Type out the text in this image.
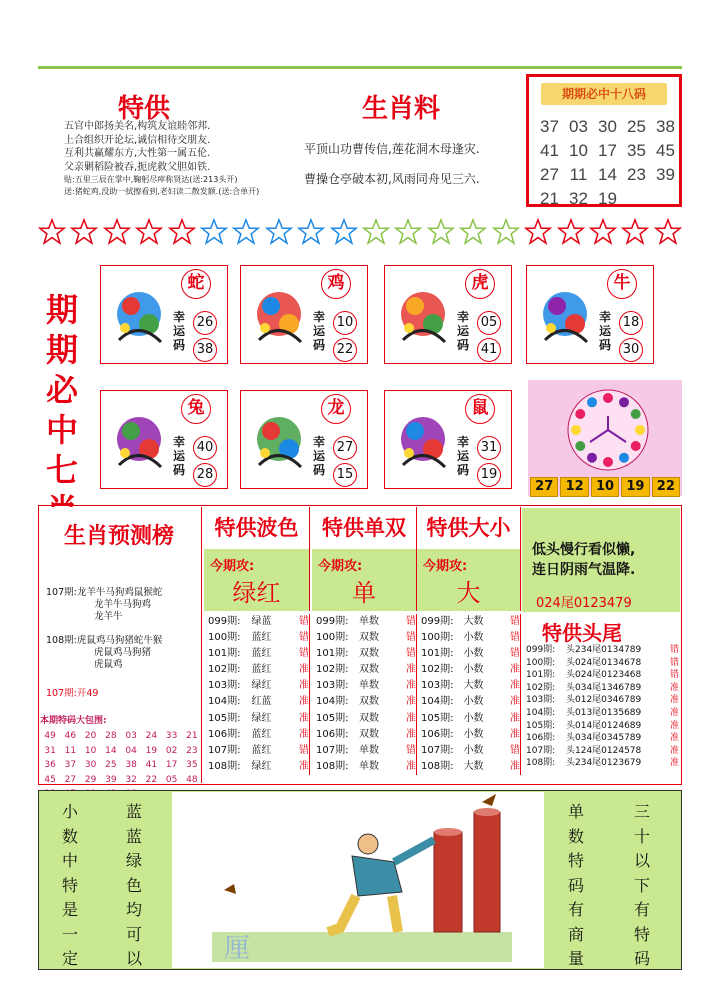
特供
五官中郎扬美名,构筑友谊睦邻邦.
上合组织开论坛,诚信相待交朋友.
互利共赢耀东方,大性第一属五伦.
父亲剿稻险被吞,扼虎救父胆如铁.
贴:五里三辰在掌中,鞠躬尽瘁称贤达(送:213头开)
送:猪蛇鸡,没助一拭擦看到,老妇读二散发额.(送:合单开)
生肖料
平顶山功曹传信,莲花洞木母逢灾.
曹操仓亭破本初,风雨同舟见三六.
期期必中十八码
37 03 30 25 38
41 10 17 35 45
27 11 14 23 39
21 32 19
期
期
必
中
七
蛇
幸
运
码
26
38
鸡
幸
运
码
10
22
虎
幸
运
码
05
41
牛
幸
运
码
18
30
兔
幸
运
码
40
28
龙
幸
运
码
27
15
鼠
幸
运
码
31
19
27 12 10 19 22
生肖预测榜
107期:龙羊牛马狗鸡鼠猴蛇
龙羊牛马狗鸡
龙羊牛
108期:虎鼠鸡马狗猪蛇牛猴
虎鼠鸡马狗猪
虎鼠鸡
107期:开49
本期特码大包围:
49 46 20 28 03 24 33 21
31 11 10 14 04 19 02 23
36 37 30 25 38 41 17 35
45 27 29 39 32 22 05 48
特供波色
今期攻:
绿红
099期:	绿蓝	错
100期:	蓝红	错
101期:	蓝红	错
102期:	蓝红	准
103期:	绿红	准
104期:	红蓝	准
105期:	绿红	准
106期:	蓝红	准
107期:	蓝红	错
108期:	绿红	准
特供单双
今期攻:
单
099期:	单数	错
100期:	双数	错
101期:	双数	错
102期:	双数	准
103期:	单数	准
104期:	双数	准
105期:	双数	准
106期:	双数	准
107期:	单数	错
108期:	单数	准
特供大小
今期攻:
大
099期:	大数	错
100期:	小数	错
101期:	小数	错
102期:	小数	准
103期:	大数	准
104期:	小数	准
105期:	小数	准
106期:	小数	准
107期:	小数	错
108期:	大数	准
低头慢行看似懒,
连日阴雨气温降.
024尾0123479
特供头尾
099期:	头234尾0134789	错
100期:	头024尾0134678	错
101期:	头024尾0123468	错
102期:	头034尾1346789	准
103期:	头012尾0346789	准
104期:	头013尾0135689	准
105期:	头014尾0124689	准
106期:	头034尾0345789	准
107期:	头124尾0124578	准
108期:	头234尾0123679	准
小
数
中
特
是
一
定
蓝
蓝
绿
色
均
可
以
单
数
特
码
有
商
量
三
十
以
下
有
特
码
厘
